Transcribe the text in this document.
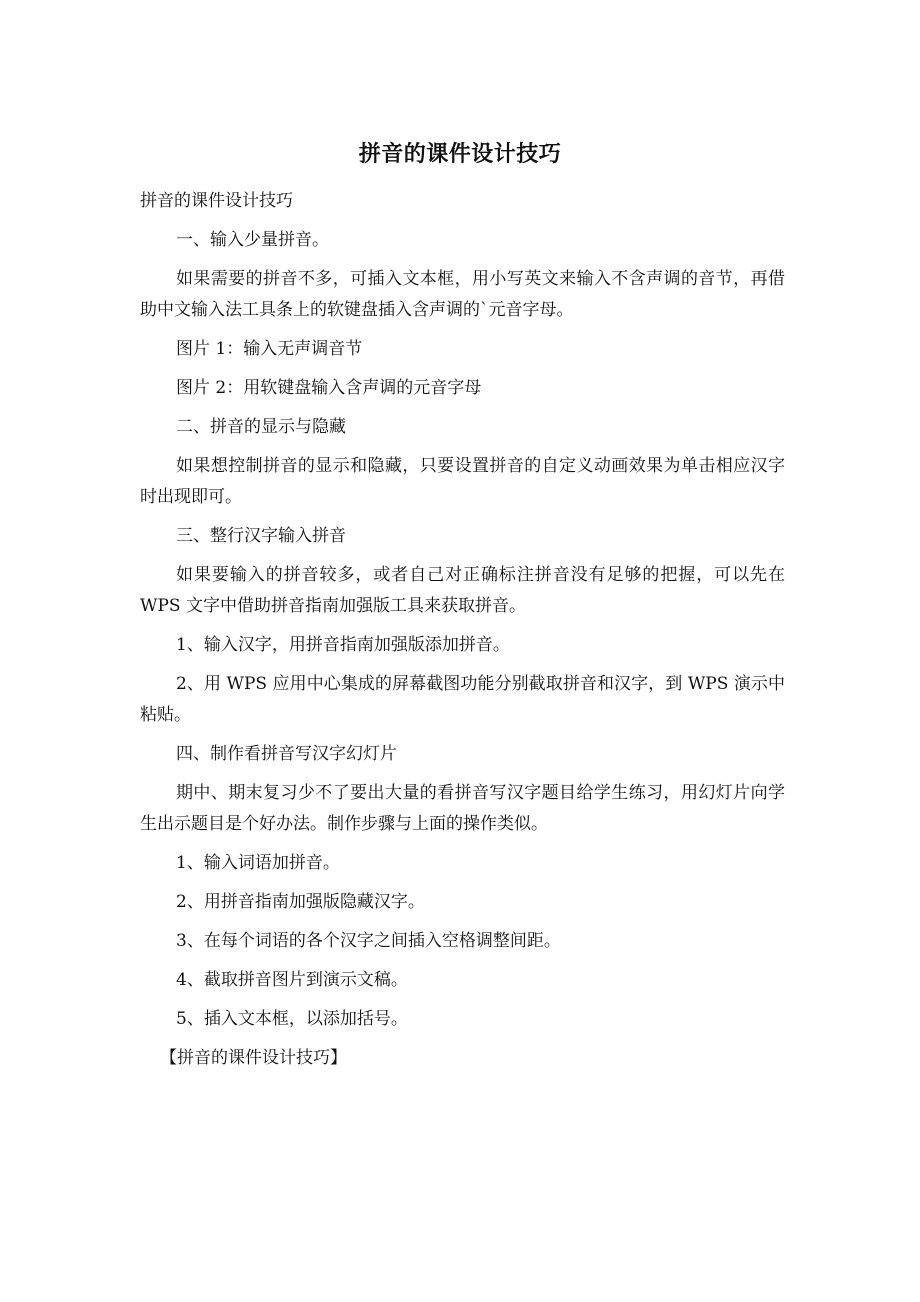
拼音的课件设计技巧

拼音的课件设计技巧

一、输入少量拼音。

如果需要的拼音不多，可插入文本框，用小写英文来输入不含声调的音节，再借助中文输入法工具条上的软键盘插入含声调的`元音字母。

图片 1：输入无声调音节

图片 2：用软键盘输入含声调的元音字母

二、拼音的显示与隐藏

如果想控制拼音的显示和隐藏，只要设置拼音的自定义动画效果为单击相应汉字时出现即可。

三、整行汉字输入拼音

如果要输入的拼音较多，或者自己对正确标注拼音没有足够的把握，可以先在 WPS 文字中借助拼音指南加强版工具来获取拼音。

1、输入汉字，用拼音指南加强版添加拼音。

2、用 WPS 应用中心集成的屏幕截图功能分别截取拼音和汉字，到 WPS 演示中粘贴。

四、制作看拼音写汉字幻灯片

期中、期末复习少不了要出大量的看拼音写汉字题目给学生练习，用幻灯片向学生出示题目是个好办法。制作步骤与上面的操作类似。

1、输入词语加拼音。

2、用拼音指南加强版隐藏汉字。

3、在每个词语的各个汉字之间插入空格调整间距。

4、截取拼音图片到演示文稿。

5、插入文本框，以添加括号。

【拼音的课件设计技巧】
